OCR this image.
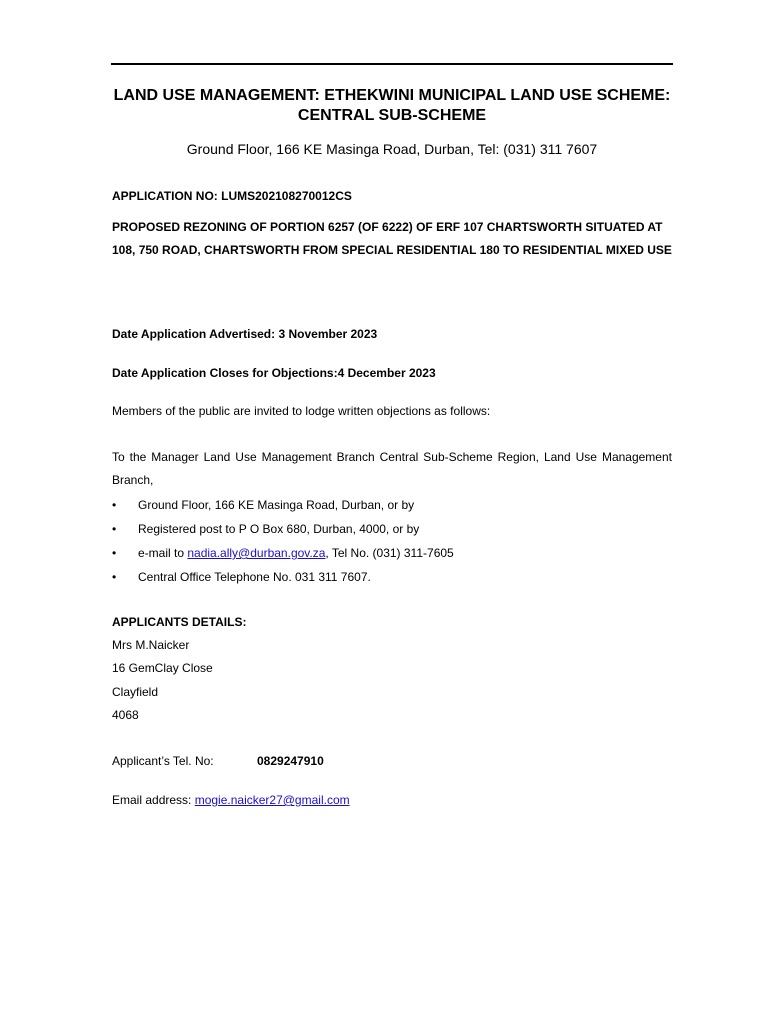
LAND USE MANAGEMENT: ETHEKWINI MUNICIPAL LAND USE SCHEME: CENTRAL SUB-SCHEME
Ground Floor, 166 KE Masinga Road, Durban, Tel: (031) 311 7607
APPLICATION NO: LUMS202108270012CS
PROPOSED REZONING OF PORTION 6257 (OF 6222) OF ERF 107 CHARTSWORTH SITUATED AT 108, 750 ROAD, CHARTSWORTH FROM SPECIAL RESIDENTIAL 180 TO RESIDENTIAL MIXED USE
Date Application Advertised: 3 November 2023
Date Application Closes for Objections:4 December 2023
Members of the public are invited to lodge written objections as follows:
To the Manager Land Use Management Branch Central Sub-Scheme Region, Land Use Management Branch,
•	Ground Floor, 166 KE Masinga Road, Durban, or by
•	Registered post to P O Box 680, Durban, 4000, or by
•	e-mail to nadia.ally@durban.gov.za, Tel No. (031) 311-7605
•	Central Office Telephone No. 031 311 7607.
APPLICANTS DETAILS:
Mrs M.Naicker
16 GemClay Close
Clayfield
4068
Applicant’s Tel. No:	0829247910
Email address: mogie.naicker27@gmail.com
